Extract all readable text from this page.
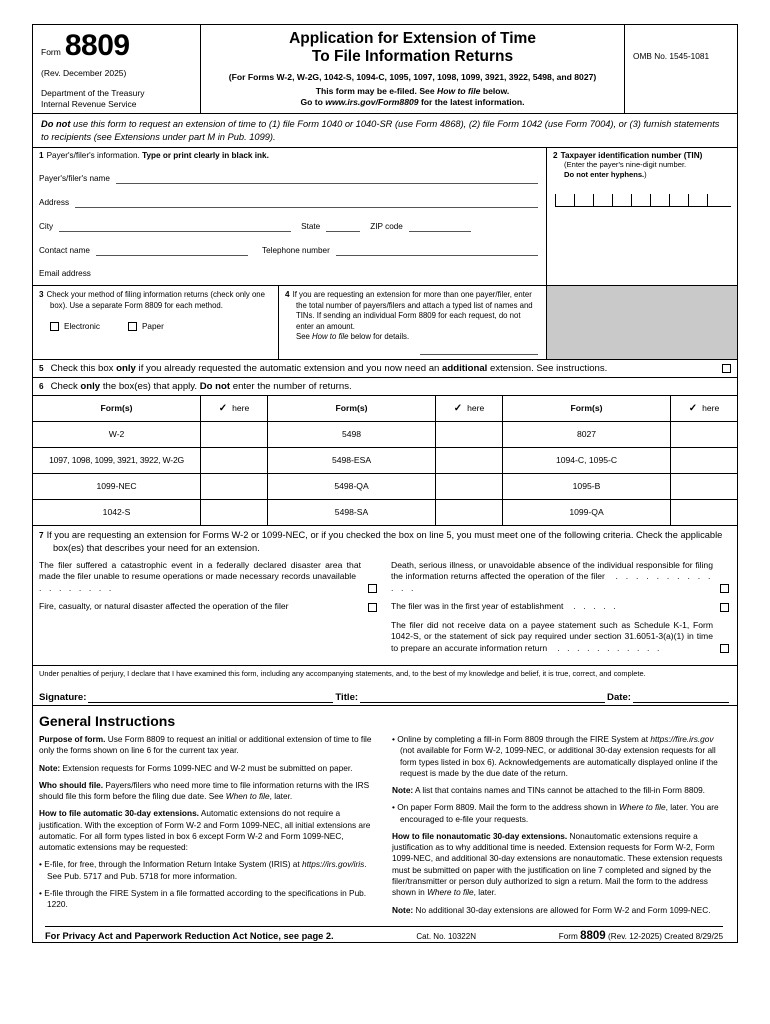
Form 8809
(Rev. December 2025)
Department of the Treasury
Internal Revenue Service
Application for Extension of Time
To File Information Returns
(For Forms W-2, W-2G, 1042-S, 1094-C, 1095, 1097, 1098, 1099, 3921, 3922, 5498, and 8027)
This form may be e-filed. See How to file below.
Go to www.irs.gov/Form8809 for the latest information.
OMB No. 1545-1081
Do not use this form to request an extension of time to (1) file Form 1040 or 1040-SR (use Form 4868), (2) file Form 1042 (use Form 7004), or (3) furnish statements to recipients (see Extensions under part M in Pub. 1099).
1 Payer's/filer's information. Type or print clearly in black ink.
Payer's/filer's name
Address
City	State	ZIP code
Contact name	Telephone number
Email address
2 Taxpayer identification number (TIN)
(Enter the payer's nine-digit number.
Do not enter hyphens.)
3 Check your method of filing information returns (check only one box). Use a separate Form 8809 for each method.
Electronic	Paper
4 If you are requesting an extension for more than one payer/filer, enter the total number of payers/filers and attach a typed list of names and TINs. If sending an individual Form 8809 for each request, do not enter an amount.
See How to file below for details.
5 Check this box only if you already requested the automatic extension and you now need an additional extension. See instructions.
6 Check only the box(es) that apply. Do not enter the number of returns.
Form(s)	✓ here	Form(s)	✓ here	Form(s)	✓ here
W-2		5498		8027	
1097, 1098, 1099, 3921, 3922, W-2G		5498-ESA		1094-C, 1095-C	
1099-NEC		5498-QA		1095-B	
1042-S		5498-SA		1099-QA	
7 If you are requesting an extension for Forms W-2 or 1099-NEC, or if you checked the box on line 5, you must meet one of the following criteria. Check the applicable box(es) that describes your need for an extension.
The filer suffered a catastrophic event in a federally declared disaster area that made the filer unable to resume operations or made necessary records unavailable  . . . . . . . .
Fire, casualty, or natural disaster affected the operation of the filer
Death, serious illness, or unavoidable absence of the individual responsible for filing the information returns affected the operation of the filer  . . . . . . . . . . . . .
The filer was in the first year of establishment  . . . . .
The filer did not receive data on a payee statement such as Schedule K-1, Form 1042-S, or the statement of sick pay required under section 31.6051-3(a)(1) in time to prepare an accurate information return  . . . . . . . . . . .
Under penalties of perjury, I declare that I have examined this form, including any accompanying statements, and, to the best of my knowledge and belief, it is true, correct, and complete.
Signature:	Title:	Date:
General Instructions
Purpose of form. Use Form 8809 to request an initial or additional extension of time to file only the forms shown on line 6 for the current tax year.
Note: Extension requests for Forms 1099-NEC and W-2 must be submitted on paper.
Who should file. Payers/filers who need more time to file information returns with the IRS should file this form before the filing due date. See When to file, later.
How to file automatic 30-day extensions. Automatic extensions do not require a justification. With the exception of Form W-2 and Form 1099-NEC, all initial extensions are automatic. For all form types listed in box 6 except Form W-2 and Form 1099-NEC, automatic extensions may be requested:
• E-file, for free, through the Information Return Intake System (IRIS) at https://irs.gov/iris. See Pub. 5717 and Pub. 5718 for more information.
• E-file through the FIRE System in a file formatted according to the specifications in Pub. 1220.
• Online by completing a fill-in Form 8809 through the FIRE System at https://fire.irs.gov (not available for Form W-2, 1099-NEC, or additional 30-day extension requests for all form types listed in box 6). Acknowledgements are automatically displayed online if the request is made by the due date of the return.
Note: A list that contains names and TINs cannot be attached to the fill-in Form 8809.
• On paper Form 8809. Mail the form to the address shown in Where to file, later. You are encouraged to e-file your requests.
How to file nonautomatic 30-day extensions. Nonautomatic extensions require a justification as to why additional time is needed. Extension requests for Form W-2, Form 1099-NEC, and additional 30-day extensions are nonautomatic. These extension requests must be submitted on paper with the justification on line 7 completed and signed by the filer/transmitter or person duly authorized to sign a return. Mail the form to the address shown in Where to file, later.
Note: No additional 30-day extensions are allowed for Form W-2 and Form 1099-NEC.
For Privacy Act and Paperwork Reduction Act Notice, see page 2.	Cat. No. 10322N	Form 8809 (Rev. 12-2025) Created 8/29/25
